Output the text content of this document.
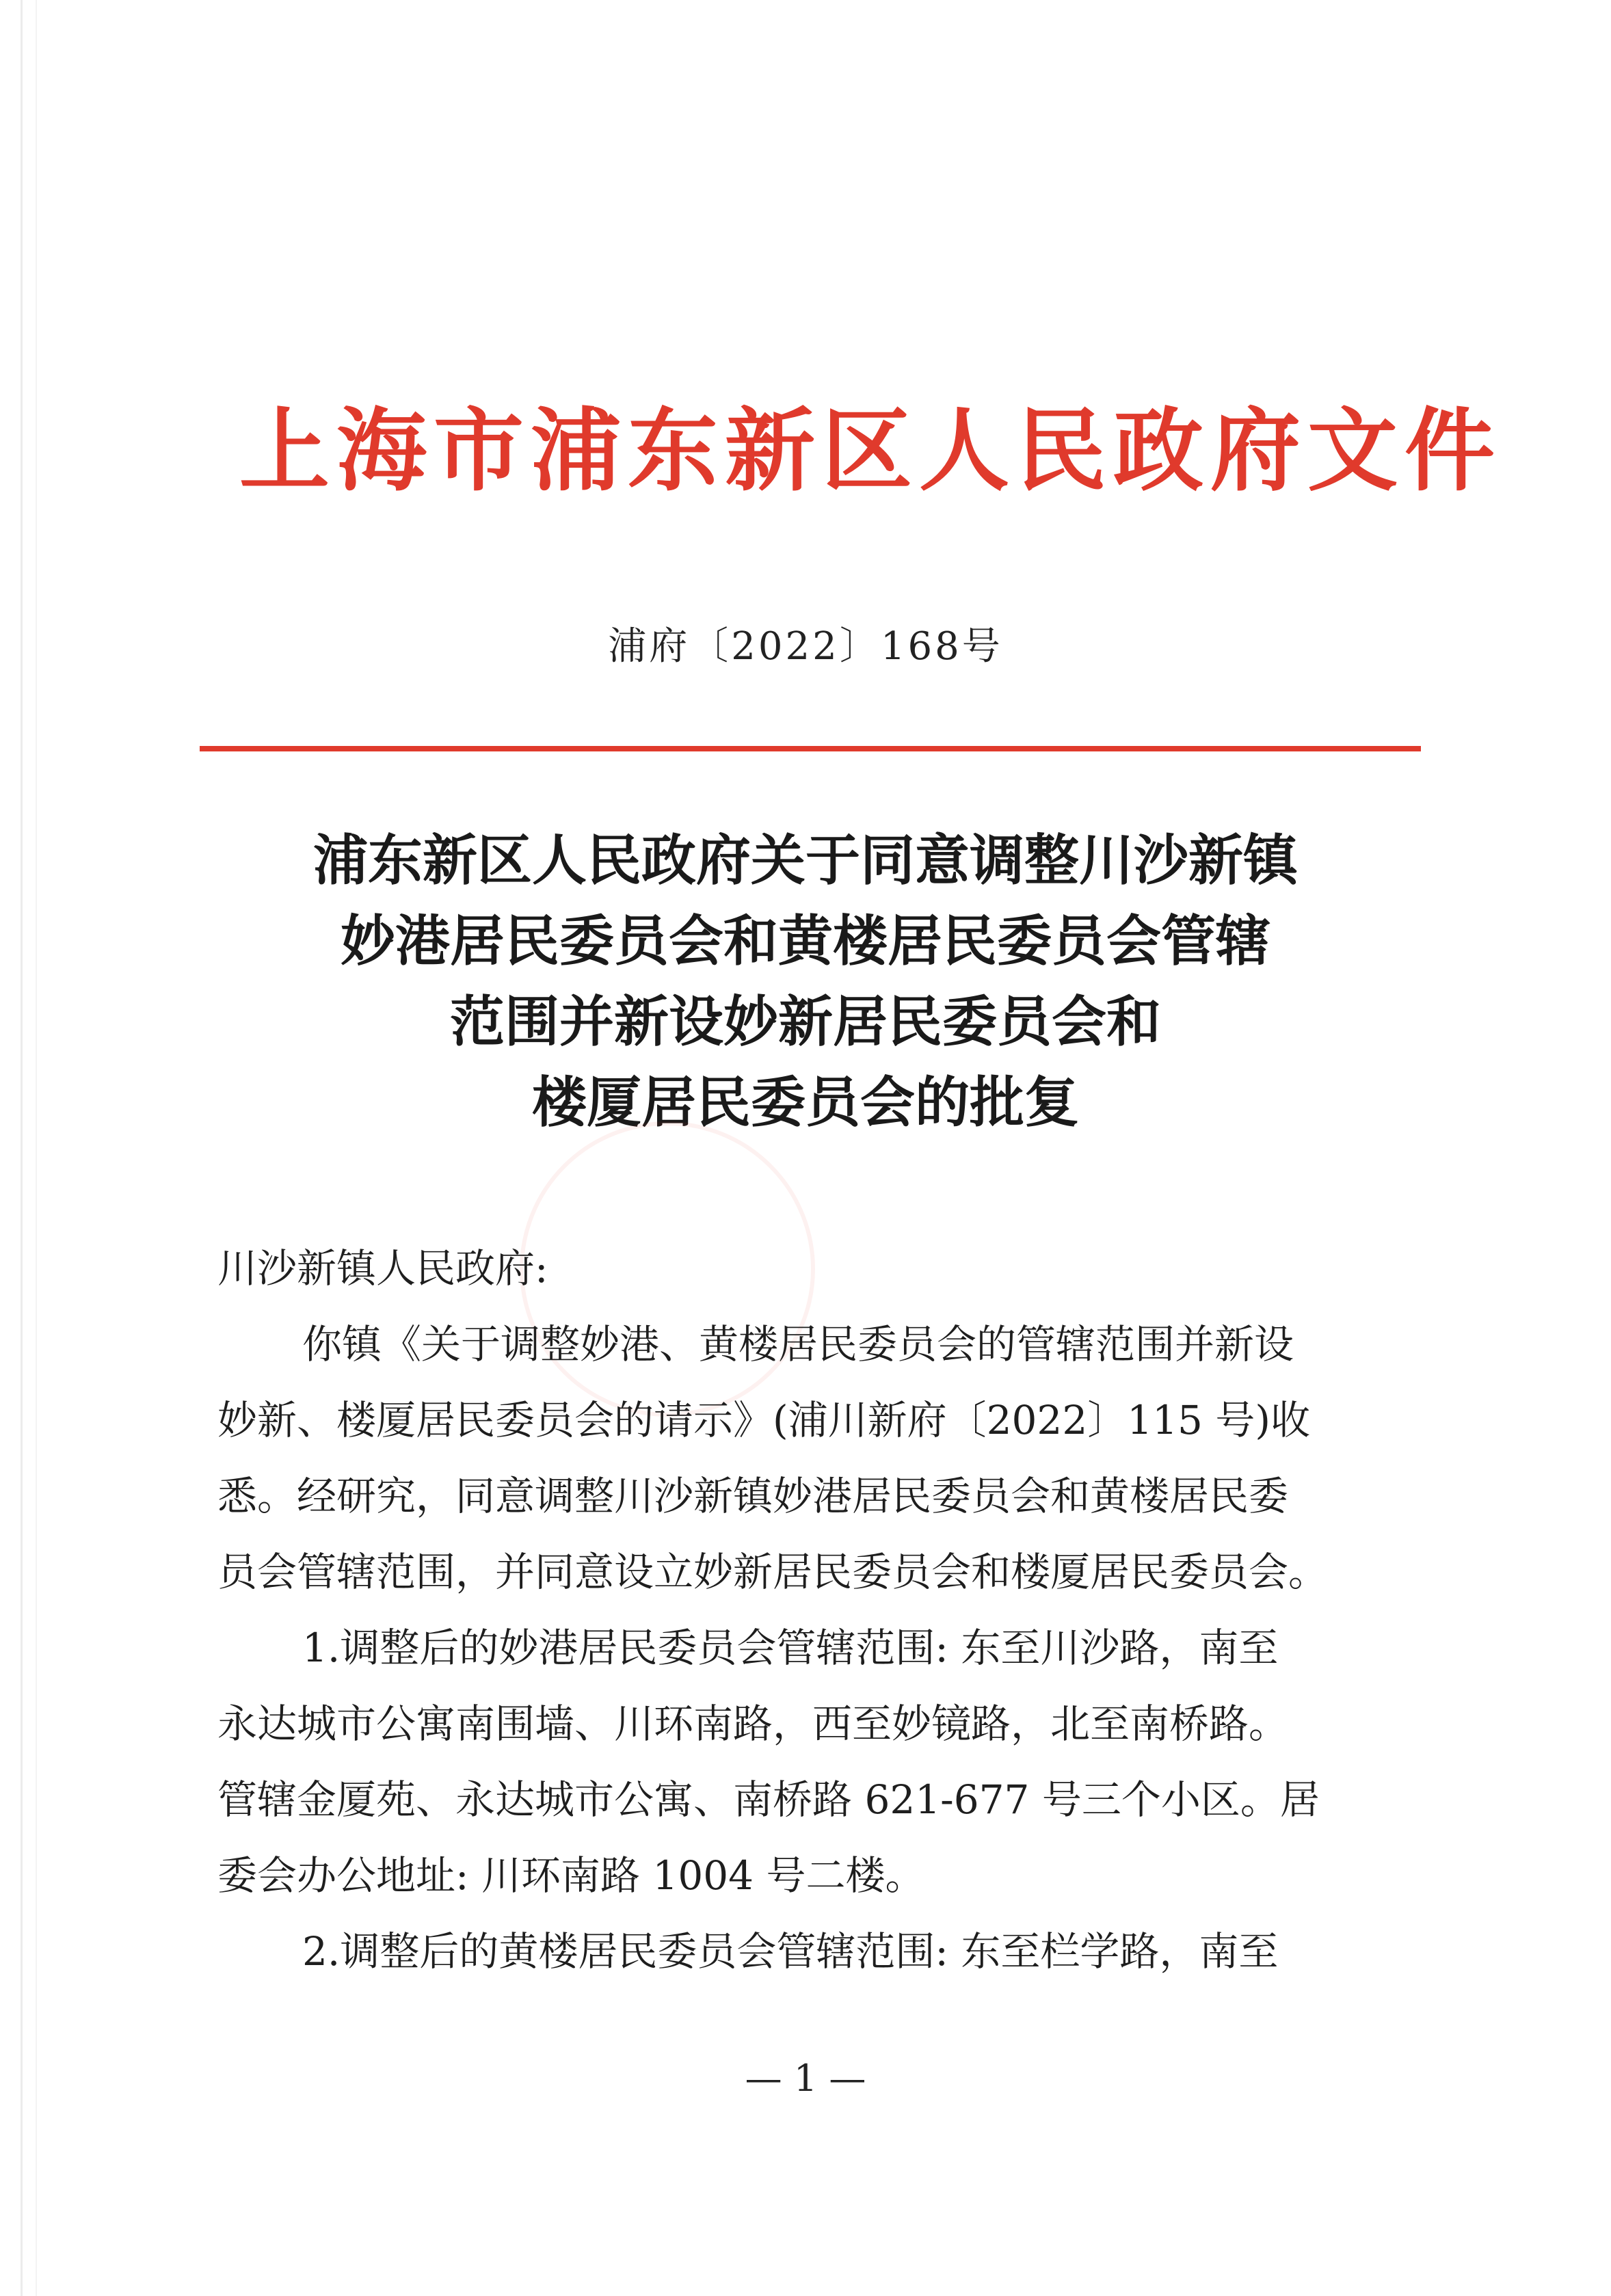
上海市浦东新区人民政府文件
浦府〔2022〕168号
浦东新区人民政府关于同意调整川沙新镇
妙港居民委员会和黄楼居民委员会管辖
范围并新设妙新居民委员会和
楼厦居民委员会的批复
川沙新镇人民政府:
你镇《关于调整妙港、黄楼居民委员会的管辖范围并新设
妙新、楼厦居民委员会的请示》(浦川新府〔2022〕115 号)收
悉。经研究，同意调整川沙新镇妙港居民委员会和黄楼居民委
员会管辖范围，并同意设立妙新居民委员会和楼厦居民委员会。
1.调整后的妙港居民委员会管辖范围: 东至川沙路，南至
永达城市公寓南围墙、川环南路，西至妙镜路，北至南桥路。
管辖金厦苑、永达城市公寓、南桥路 621-677 号三个小区。居
委会办公地址: 川环南路 1004 号二楼。
2.调整后的黄楼居民委员会管辖范围: 东至栏学路，南至
— 1 —
